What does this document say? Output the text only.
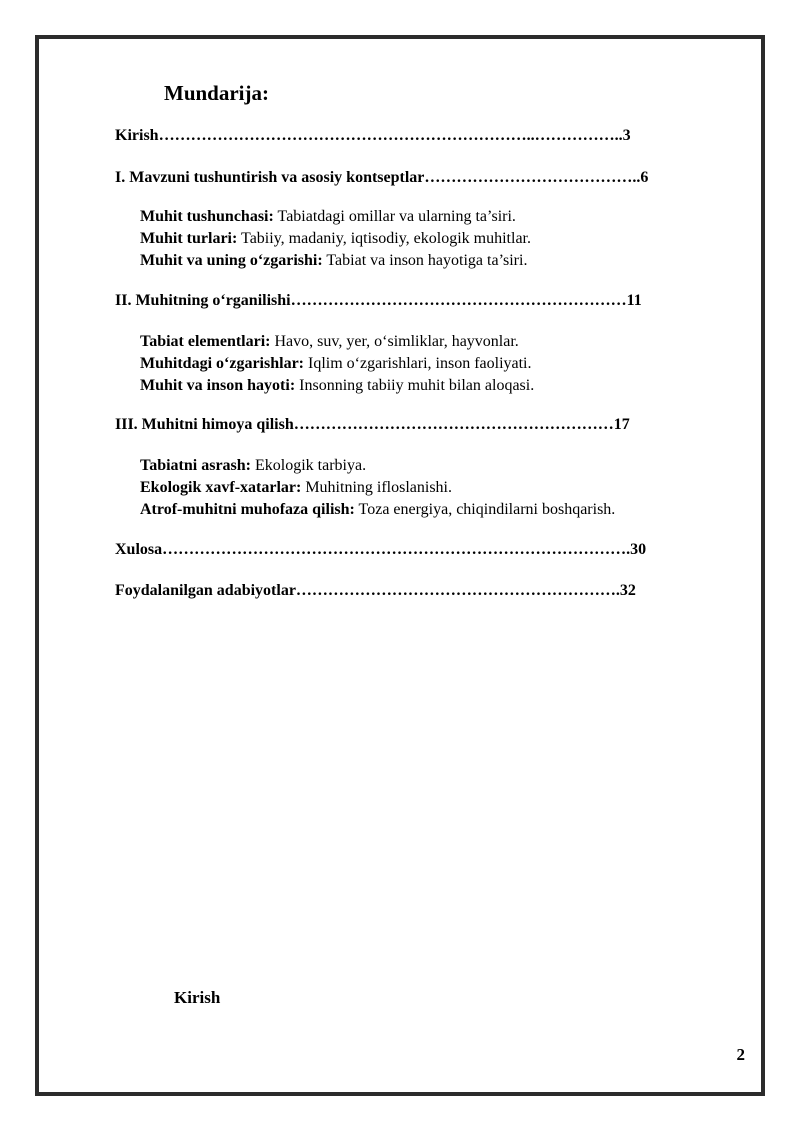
Mundarija:
Kirish……………………………………………………………..……………..3
I. Mavzuni tushuntirish va asosiy kontseptlar…………………………………..6
Muhit tushunchasi: Tabiatdagi omillar va ularning ta’siri.
Muhit turlari: Tabiiy, madaniy, iqtisodiy, ekologik muhitlar.
Muhit va uning o‘zgarishi: Tabiat va inson hayotiga ta’siri.
II. Muhitning o‘rganilishi………………………………………………………11
Tabiat elementlari: Havo, suv, yer, o‘simliklar, hayvonlar.
Muhitdagi o‘zgarishlar: Iqlim o‘zgarishlari, inson faoliyati.
Muhit va inson hayoti: Insonning tabiiy muhit bilan aloqasi.
III. Muhitni himoya qilish……………………………………………………17
Tabiatni asrash: Ekologik tarbiya.
Ekologik xavf-xatarlar: Muhitning ifloslanishi.
Atrof-muhitni muhofaza qilish: Toza energiya, chiqindilarni boshqarish.
Xulosa…………………………………………………………………………….30
Foydalanilgan adabiyotlar…………………………………………………….32
Kirish
2
